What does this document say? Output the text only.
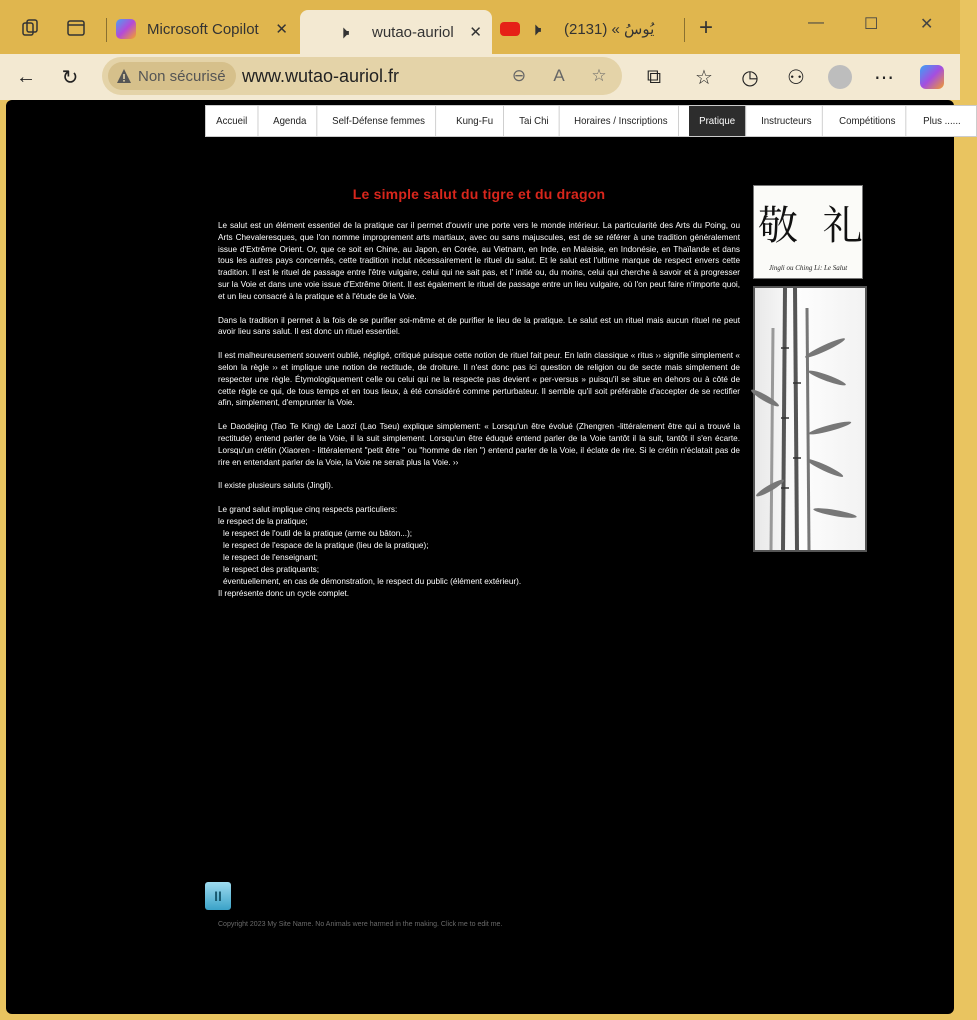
Microsoft Copilot ✕	🕨 wutao-auriol ✕	🕨 يُوسُ » (2131)	+	—	☐	✕
← ↻	Non sécurisé www.wutao-auriol.fr	⊖	A	☆	⧉	☆ ◷ ⚇	⋯
Accueil	Agenda	Self-Défense femmes	Kung-Fu	Tai Chi	Horaires / Inscriptions	Pratique	Instructeurs	Compétitions	Plus ......
Le simple salut du tigre et du dragon

Le salut est un élément essentiel de la pratique car il permet d'ouvrir une porte vers le monde intérieur. La particularité des Arts du Poing, ou Arts Chevaleresques, que l'on nomme improprement arts martiaux, avec ou sans majuscules, est de se référer à une tradition généralement issue d'Extrême Orient. Or, que ce soit en Chine, au Japon, en Corée, au Vietnam, en Inde, en Malaisie, en Indonésie, en Thaïlande et dans tous les autres pays concernés, cette tradition inclut nécessairement le rituel du salut. Et le salut est l'ultime marque de respect envers cette tradition. Il est le rituel de passage entre l'être vulgaire, celui qui ne sait pas, et l' initié ou, du moins, celui qui cherche à savoir et à progresser sur la Voie et dans une voie issue d'Extrême 0rient. Il est également le rituel de passage entre un lieu vulgaire, où l'on peut faire n'importe quoi, et un lieu consacré à la pratique et à l'étude de la Voie.

Dans la tradition il permet à la fois de se purifier soi-même et de purifier le lieu de la pratique. Le salut est un rituel mais aucun rituel ne peut avoir lieu sans salut. Il est donc un rituel essentiel.

Il est malheureusement souvent oublié, négligé, critiqué puisque cette notion de rituel fait peur. En latin classique « ritus ›› signifie simplement « selon la règle ›› et implique une notion de rectitude, de droiture. Il n'est donc pas ici question de religion ou de secte mais simplement de respecter une règle. Étymologiquement celle ou celui qui ne la respecte pas devient « per-versus » puisqu'il se situe en dehors ou à côté de cette règle ce qui, de tous temps et en tous lieux, à été considéré comme perturbateur. Il semble qu'il soit préférable d'accepter de se rectifier afin, simplement, d'emprunter la Voie.

Le Daodejing (Tao Te King) de Laozí (Lao Tseu) explique simplement: « Lorsqu'un être évolué (Zhengren -littéralement être qui a trouvé la rectitude) entend parler de la Voie, il la suit simplement. Lorsqu'un être éduqué entend parler de la Voie tantôt il la suit, tantôt il s'en écarte. Lorsqu'un crétin (Xiaoren - littéralement "petit être " ou "homme de rien ") entend parler de la Voie, il éclate de rire. Si le crétin n'éclatait pas de rire en entendant parler de la Voie, la Voie ne serait plus la Voie. ››

Il existe plusieurs saluts (Jingli).

Le grand salut implique cinq respects particuliers:
le respect de la pratique;
le respect de l'outil de la pratique (arme ou bâton...);
le respect de l'espace de la pratique (lieu de la pratique);
le respect de l'enseignant;
le respect des pratiquants;
éventuellement, en cas de démonstration, le respect du public (élément extérieur).
Il représente donc un cycle complet.
敬 礼
Jingli ou Ching Li: Le Salut
II
Copyright 2023 My Site Name. No Animals were harmed in the making. Click me to edit me.
